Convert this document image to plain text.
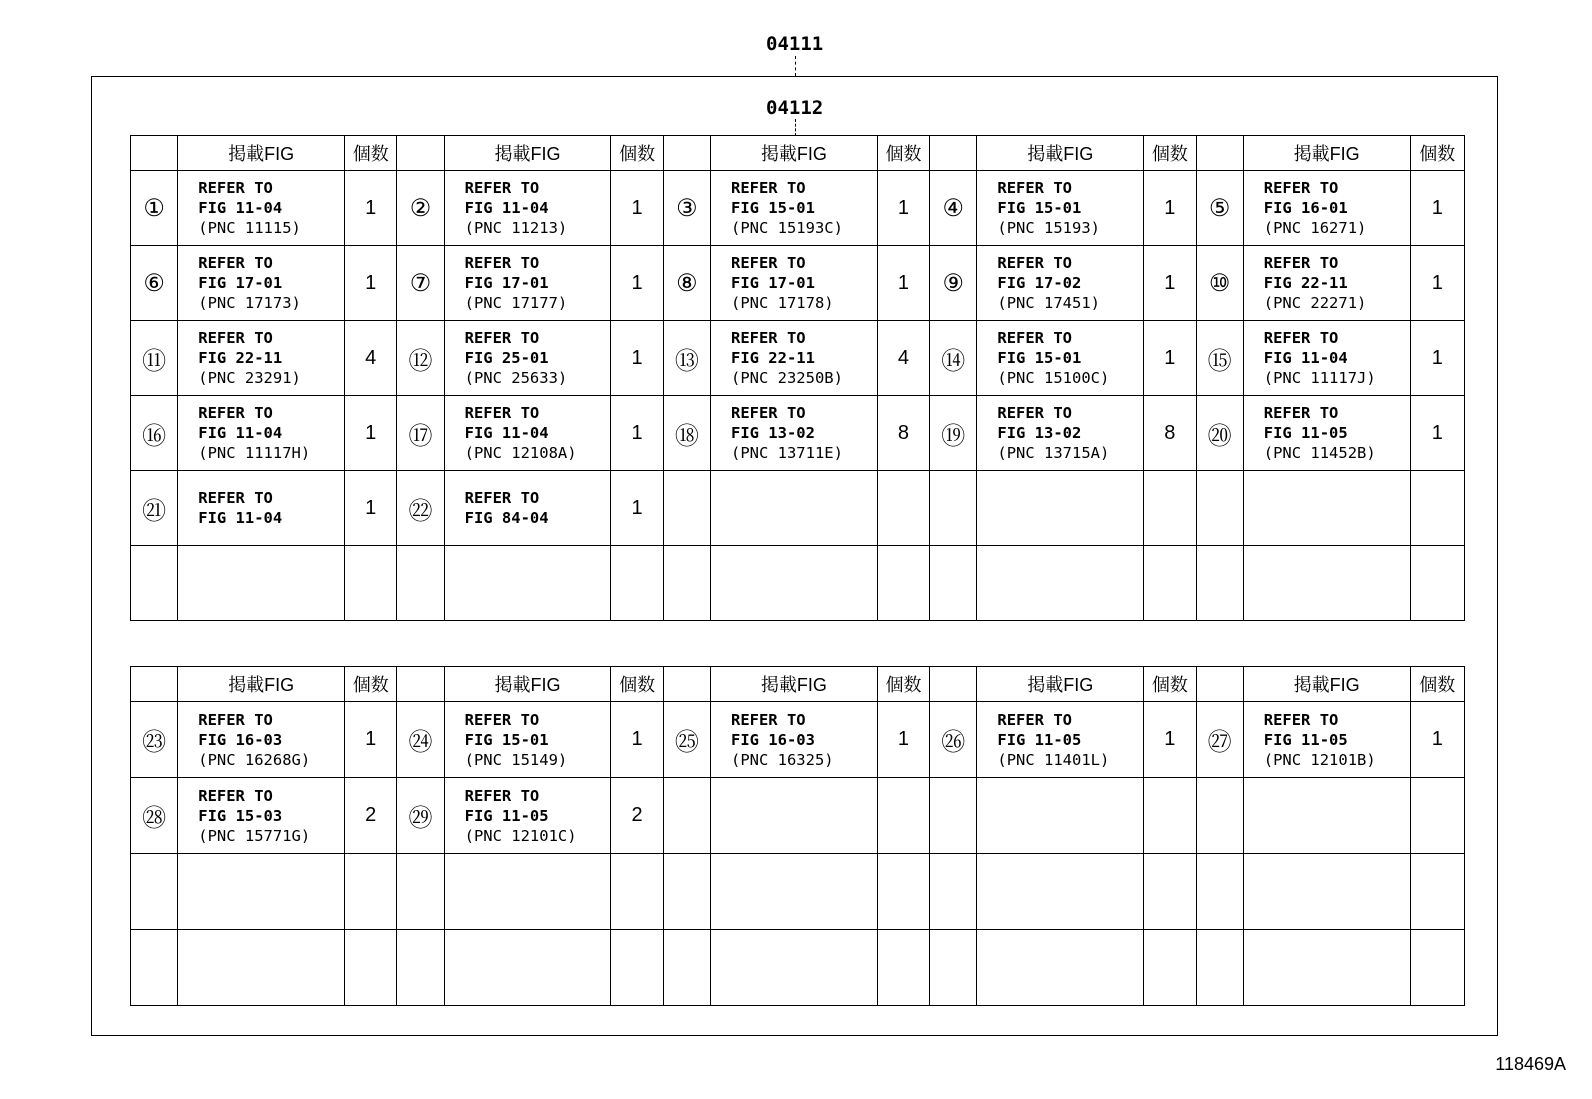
04111
04112
	掲載FIG	個数		掲載FIG	個数		掲載FIG	個数		掲載FIG	個数		掲載FIG	個数
①	REFER TO
FIG 11-04
(PNC 11115)	1	②	REFER TO
FIG 11-04
(PNC 11213)	1	③	REFER TO
FIG 15-01
(PNC 15193C)	1	④	REFER TO
FIG 15-01
(PNC 15193)	1	⑤	REFER TO
FIG 16-01
(PNC 16271)	1
⑥	REFER TO
FIG 17-01
(PNC 17173)	1	⑦	REFER TO
FIG 17-01
(PNC 17177)	1	⑧	REFER TO
FIG 17-01
(PNC 17178)	1	⑨	REFER TO
FIG 17-02
(PNC 17451)	1	⑩	REFER TO
FIG 22-11
(PNC 22271)	1
⑪	REFER TO
FIG 22-11
(PNC 23291)	4	⑫	REFER TO
FIG 25-01
(PNC 25633)	1	⑬	REFER TO
FIG 22-11
(PNC 23250B)	4	⑭	REFER TO
FIG 15-01
(PNC 15100C)	1	⑮	REFER TO
FIG 11-04
(PNC 11117J)	1
⑯	REFER TO
FIG 11-04
(PNC 11117H)	1	⑰	REFER TO
FIG 11-04
(PNC 12108A)	1	⑱	REFER TO
FIG 13-02
(PNC 13711E)	8	⑲	REFER TO
FIG 13-02
(PNC 13715A)	8	⑳	REFER TO
FIG 11-05
(PNC 11452B)	1
㉑	REFER TO
FIG 11-04	1	㉒	REFER TO
FIG 84-04	1		

	掲載FIG	個数		掲載FIG	個数		掲載FIG	個数		掲載FIG	個数		掲載FIG	個数
㉓	REFER TO
FIG 16-03
(PNC 16268G)	1	㉔	REFER TO
FIG 15-01
(PNC 15149)	1	㉕	REFER TO
FIG 16-03
(PNC 16325)	1	㉖	REFER TO
FIG 11-05
(PNC 11401L)	1	㉗	REFER TO
FIG 11-05
(PNC 12101B)	1
㉘	REFER TO
FIG 15-03
(PNC 15771G)	2	㉙	REFER TO
FIG 11-05
(PNC 12101C)	2		

118469A
